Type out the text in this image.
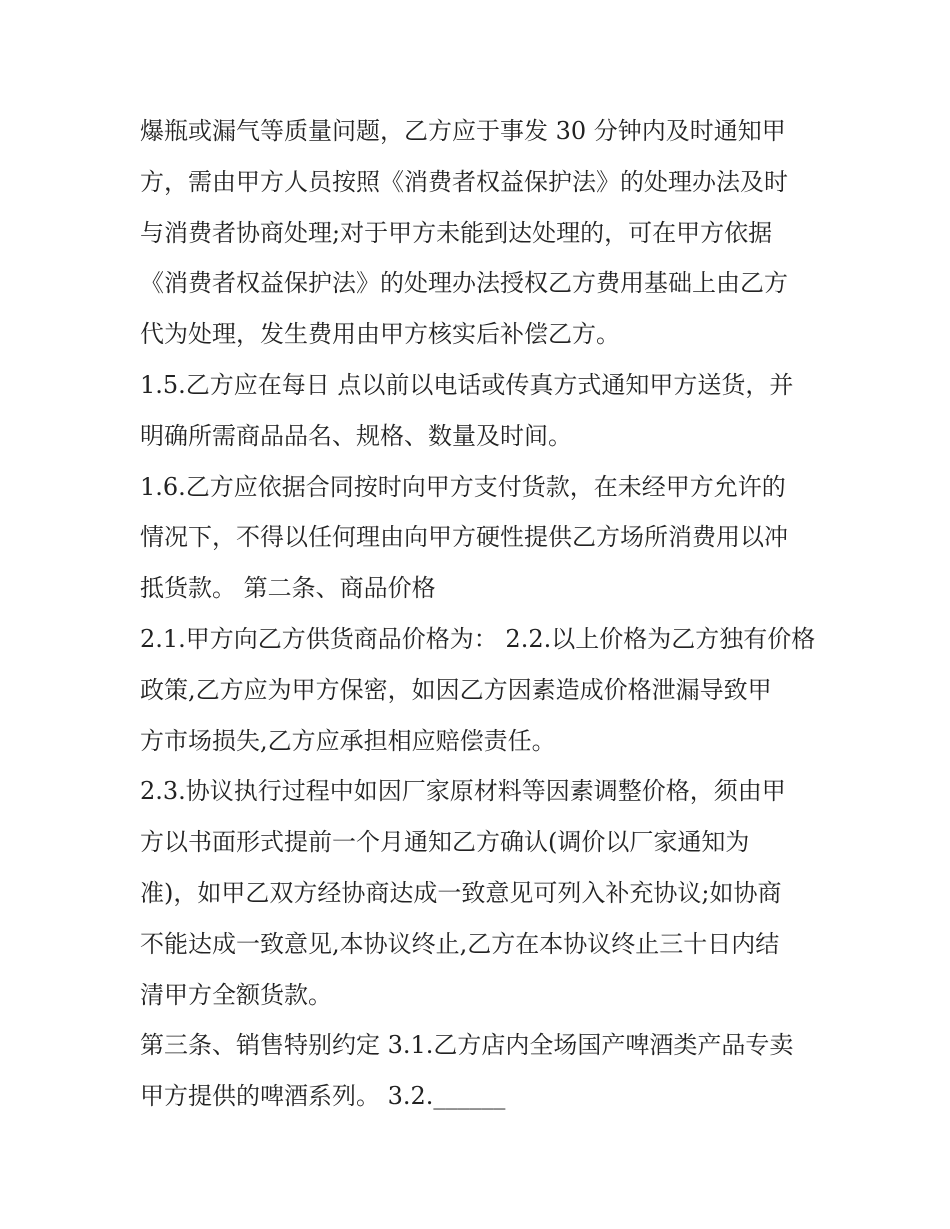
爆瓶或漏气等质量问题，乙方应于事发 30 分钟内及时通知甲
方，需由甲方人员按照《消费者权益保护法》的处理办法及时
与消费者协商处理;对于甲方未能到达处理的，可在甲方依据
《消费者权益保护法》的处理办法授权乙方费用基础上由乙方
代为处理，发生费用由甲方核实后补偿乙方。
1.5.乙方应在每日 点以前以电话或传真方式通知甲方送货，并
明确所需商品品名、规格、数量及时间。
1.6.乙方应依据合同按时向甲方支付货款，在未经甲方允许的
情况下，不得以任何理由向甲方硬性提供乙方场所消费用以冲
抵货款。 第二条、商品价格
2.1.甲方向乙方供货商品价格为： 2.2.以上价格为乙方独有价格
政策,乙方应为甲方保密，如因乙方因素造成价格泄漏导致甲
方市场损失,乙方应承担相应赔偿责任。
2.3.协议执行过程中如因厂家原材料等因素调整价格，须由甲
方以书面形式提前一个月通知乙方确认(调价以厂家通知为
准)，如甲乙双方经协商达成一致意见可列入补充协议;如协商
不能达成一致意见,本协议终止,乙方在本协议终止三十日内结
清甲方全额货款。
第三条、销售特别约定 3.1.乙方店内全场国产啤酒类产品专卖
甲方提供的啤酒系列。 3.2.______
